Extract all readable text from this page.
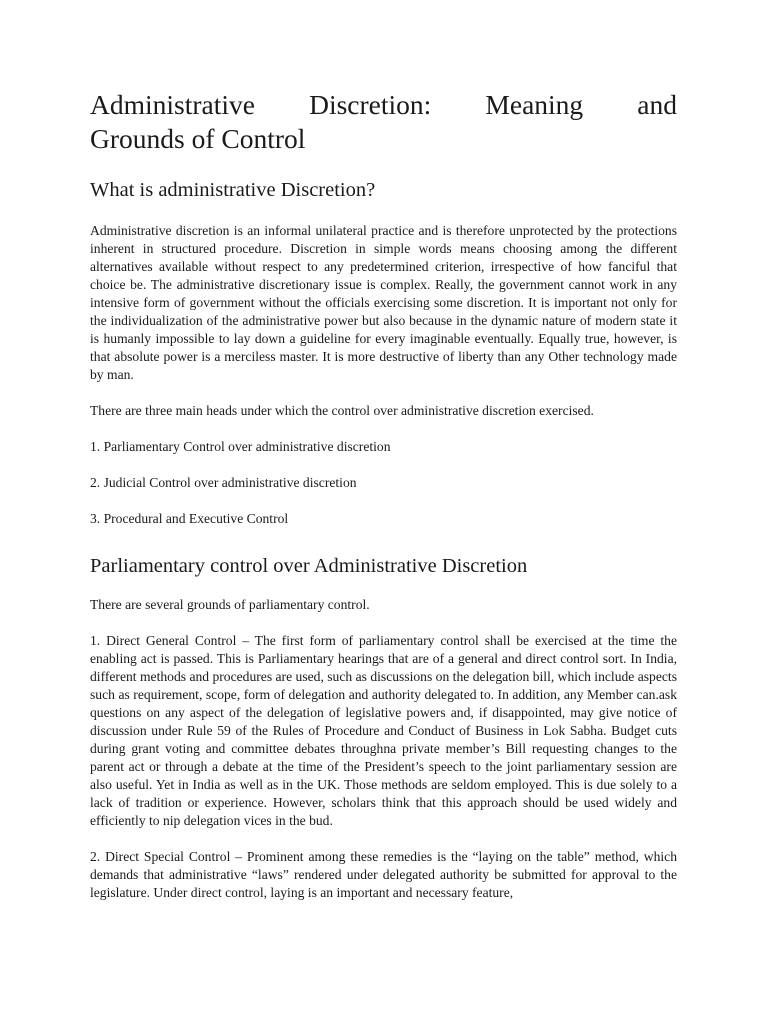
Administrative Discretion: Meaning and
Grounds of Control
What is administrative Discretion?

Administrative discretion is an informal unilateral practice and is therefore unprotected by the protections inherent in structured procedure. Discretion in simple words means choosing among the different alternatives available without respect to any predetermined criterion, irrespective of how fanciful that choice be. The administrative discretionary issue is complex. Really, the government cannot work in any intensive form of government without the officials exercising some discretion. It is important not only for the individualization of the administrative power but also because in the dynamic nature of modern state it is humanly impossible to lay down a guideline for every imaginable eventually. Equally true, however, is that absolute power is a merciless master. It is more destructive of liberty than any Other technology made by man.

There are three main heads under which the control over administrative discretion exercised.

1. Parliamentary Control over administrative discretion

2. Judicial Control over administrative discretion

3. Procedural and Executive Control

Parliamentary control over Administrative Discretion

There are several grounds of parliamentary control.

1. Direct General Control – The first form of parliamentary control shall be exercised at the time the enabling act is passed. This is Parliamentary hearings that are of a general and direct control sort. In India, different methods and procedures are used, such as discussions on the delegation bill, which include aspects such as requirement, scope, form of delegation and authority delegated to. In addition, any Member can.ask questions on any aspect of the delegation of legislative powers and, if disappointed, may give notice of discussion under Rule 59 of the Rules of Procedure and Conduct of Business in Lok Sabha. Budget cuts during grant voting and committee debates throughna private member’s Bill requesting changes to the parent act or through a debate at the time of the President’s speech to the joint parliamentary session are also useful. Yet in India as well as in the UK. Those methods are seldom employed. This is due solely to a lack of tradition or experience. However, scholars think that this approach should be used widely and efficiently to nip delegation vices in the bud.

2. Direct Special Control – Prominent among these remedies is the “laying on the table” method, which demands that administrative “laws” rendered under delegated authority be submitted for approval to the legislature. Under direct control, laying is an important and necessary feature,
